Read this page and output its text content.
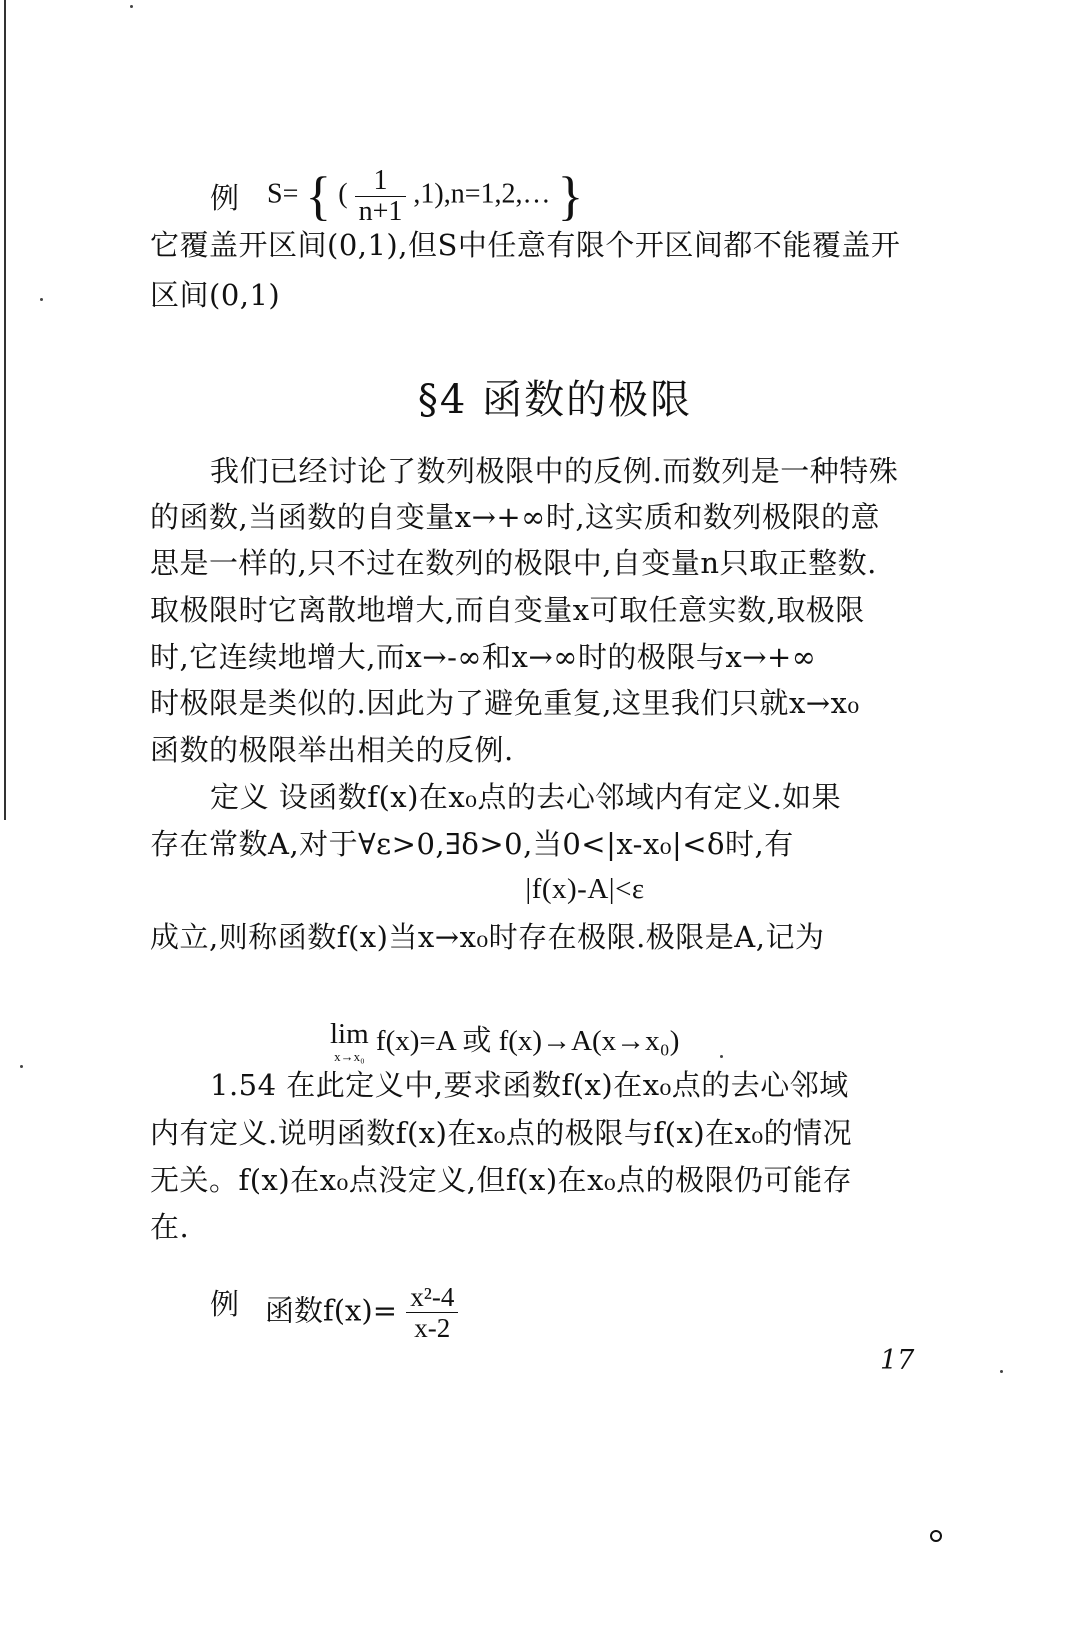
例 S= { ( $\frac{1}{n+1}$ ,1),n=1,2,… }
它覆盖开区间(0,1),但S中任意有限个开区间都不能覆盖开
区间(0,1)
§4 函数的极限
我们已经讨论了数列极限中的反例.而数列是一种特殊
的函数,当函数的自变量x→+∞时,这实质和数列极限的意
思是一样的,只不过在数列的极限中,自变量n只取正整数.
取极限时它离散地增大,而自变量x可取任意实数,取极限
时,它连续地增大,而x→-∞和x→∞时的极限与x→+∞
时极限是类似的.因此为了避免重复,这里我们只就x→x₀
函数的极限举出相关的反例.
定义 设函数f(x)在x₀点的去心邻域内有定义.如果
存在常数A,对于∀ε>0,∃δ>0,当0<|x-x₀|<δ时,有
|f(x)-A|<ε
成立,则称函数f(x)当x→x₀时存在极限.极限是A,记为
lim
x→x₀ f(x)=A 或 f(x)→A(x→x₀)
1.54 在此定义中,要求函数f(x)在x₀点的去心邻域
内有定义.说明函数f(x)在x₀点的极限与f(x)在x₀的情况
无关。f(x)在x₀点没定义,但f(x)在x₀点的极限仍可能存
在.
例 函数$f(x)= \frac{\text{x²-4}}{x-2}$
17
